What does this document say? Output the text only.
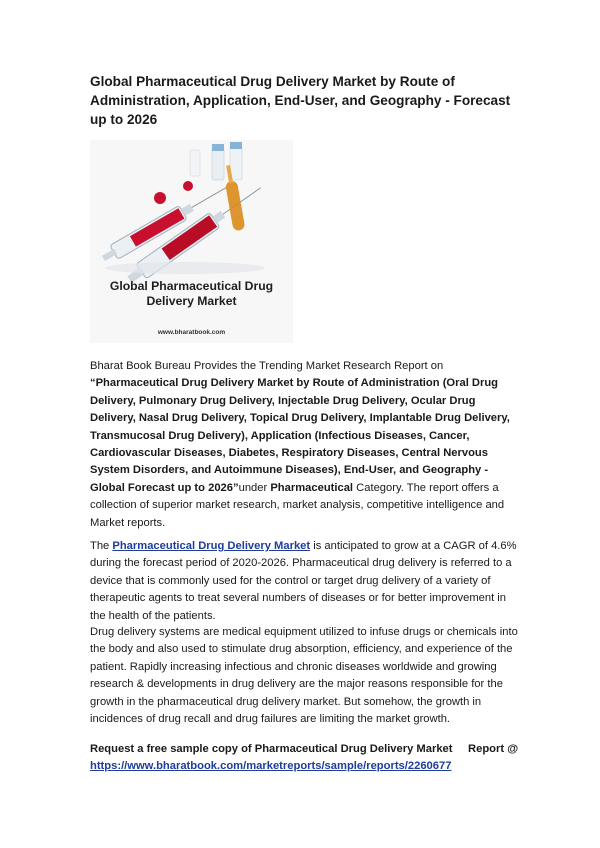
Global Pharmaceutical Drug Delivery Market by Route of Administration, Application, End-User, and Geography - Forecast up to 2026
Global Pharmaceutical Drug Delivery Market
www.bharatbook.com

Bharat Book Bureau Provides the Trending Market Research Report on “Pharmaceutical Drug Delivery Market by Route of Administration (Oral Drug Delivery, Pulmonary Drug Delivery, Injectable Drug Delivery, Ocular Drug Delivery, Nasal Drug Delivery, Topical Drug Delivery, Implantable Drug Delivery, Transmucosal Drug Delivery), Application (Infectious Diseases, Cancer, Cardiovascular Diseases, Diabetes, Respiratory Diseases, Central Nervous System Disorders, and Autoimmune Diseases), End-User, and Geography - Global Forecast up to 2026”under Pharmaceutical Category. The report offers a collection of superior market research, market analysis, competitive intelligence and Market reports.

The Pharmaceutical Drug Delivery Market is anticipated to grow at a CAGR of 4.6% during the forecast period of 2020-2026. Pharmaceutical drug delivery is referred to a device that is commonly used for the control or target drug delivery of a variety of therapeutic agents to treat several numbers of diseases or for better improvement in the health of the patients.

Drug delivery systems are medical equipment utilized to infuse drugs or chemicals into the body and also used to stimulate drug absorption, efficiency, and experience of the patient. Rapidly increasing infectious and chronic diseases worldwide and growing research & developments in drug delivery are the major reasons responsible for the growth in the pharmaceutical drug delivery market. But somehow, the growth in incidences of drug recall and drug failures are limiting the market growth.

Request a free sample copy of Pharmaceutical Drug Delivery Market     Report @
https://www.bharatbook.com/marketreports/sample/reports/2260677
